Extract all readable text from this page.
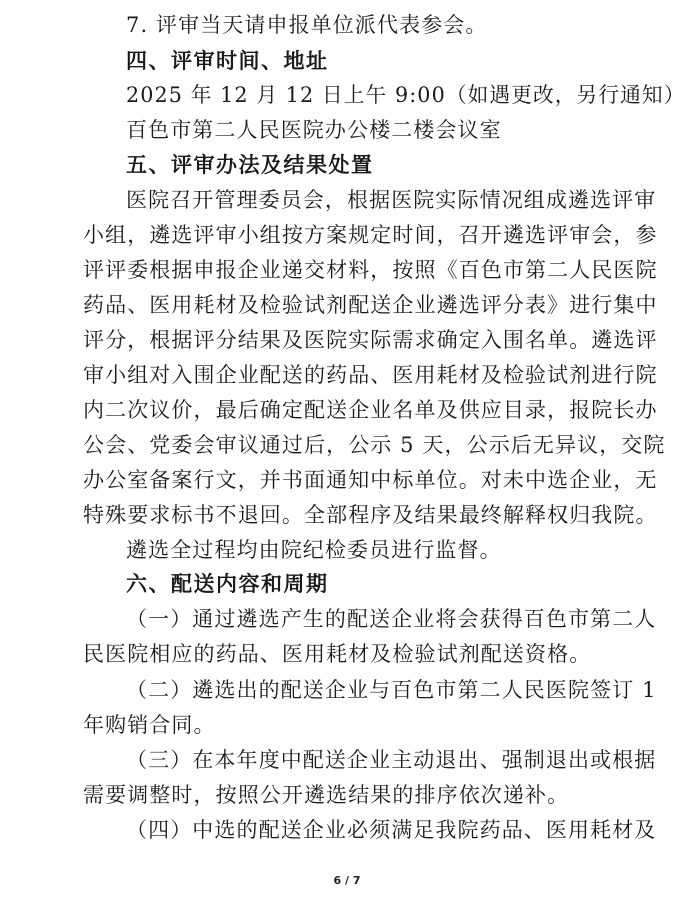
7. 评审当天请申报单位派代表参会。
四、评审时间、地址
2025 年 12 月 12 日上午 9:00（如遇更改，另行通知）
百色市第二人民医院办公楼二楼会议室
五、评审办法及结果处置
医院召开管理委员会，根据医院实际情况组成遴选评审
小组，遴选评审小组按方案规定时间，召开遴选评审会，参
评评委根据申报企业递交材料，按照《百色市第二人民医院
药品、医用耗材及检验试剂配送企业遴选评分表》进行集中
评分，根据评分结果及医院实际需求确定入围名单。遴选评
审小组对入围企业配送的药品、医用耗材及检验试剂进行院
内二次议价，最后确定配送企业名单及供应目录，报院长办
公会、党委会审议通过后，公示 5 天，公示后无异议，交院
办公室备案行文，并书面通知中标单位。对未中选企业，无
特殊要求标书不退回。全部程序及结果最终解释权归我院。
遴选全过程均由院纪检委员进行监督。
六、配送内容和周期
（一）通过遴选产生的配送企业将会获得百色市第二人
民医院相应的药品、医用耗材及检验试剂配送资格。
（二）遴选出的配送企业与百色市第二人民医院签订 1
年购销合同。
（三）在本年度中配送企业主动退出、强制退出或根据
需要调整时，按照公开遴选结果的排序依次递补。
（四）中选的配送企业必须满足我院药品、医用耗材及
6 / 7
